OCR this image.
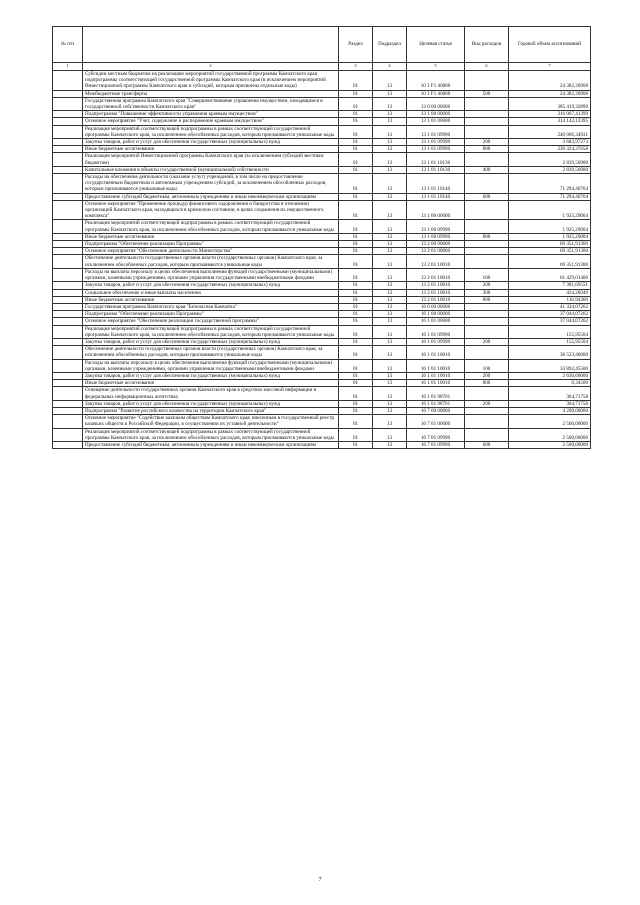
№ п/п		Раздел	Подраздел	Целевая статья	Вид расходов	Годовой объем ассигнований
1	2	3	4	5	6	7
	Субсидии местным бюджетам на реализацию мероприятий государственной программы Камчатского края подпрограммы соответствующей государственной программы Камчатского края (в исключением мероприятий Инвестиционной программы Камчатского края и субсидий, которым присвоены отдельные коды)	01	13	10 1 F1 40080		24 382,20908
	Межбюджетные трансферты	01	13	10 1 F1 40080	500	24 382,20908
	Государственная программа Камчатского края "Совершенствование управления имуществом, находящимся в государственной собственности Камчатского края"	01	13	13 0 00 00000		385 419,32899
	Подпрограмма "Повышение эффективности управления краевым имуществом"	01	13	13 1 00 00000		316 067,41399
	Основное мероприятие "Учет, содержание и распоряжение краевым имуществом"	01	13	13 1 01 00000		314 142,12395
	Реализация мероприятий соответствующей подпрограммы в рамках соответствующей государственной программы Камчатского края, за исключением обособленных расходов, которым присваиваются уникальные коды	01	13	13 1 01 09990		240 006,34931
	Закупка товаров, работ и услуг для обеспечения государственных (муниципальных) нужд	01	13	13 1 01 09990	200	3 683,97273
	Иные бюджетные ассигнования	01	13	13 1 01 09990	800	236 324,37658
	Реализация мероприятий Инвестиционной программы Камчатского края (за исключением субсидий местным бюджетам)	01	13	13 1 01 10130		2 839,56900
	Капитальные вложения в объекты государственной (муниципальной) собственности	01	13	13 1 01 10130	400	2 839,56900
	Расходы на обеспечение деятельности (оказание услуг) учреждений, в том числе на предоставление государственным бюджетным и автономным учреждениям субсидий, за исключением обособленных расходов, которым присваиваются уникальные коды	01	13	13 1 01 10140		71 294,40764
	Предоставление субсидий бюджетным, автономным учреждениям и иным некоммерческим организациям	01	13	13 1 01 10140	600	71 294,40764
	Основное мероприятие "Применение процедур финансового оздоровления и банкротства в отношении организаций Камчатского края, находящихся в кризисном состоянии, в целях сохранения их имущественного комплекса"	01	13	13 1 06 00000		1 925,29004
	Реализация мероприятий соответствующей подпрограммы в рамках соответствующей государственной программы Камчатского края, за исключением обособленных расходов, которым присваиваются уникальные коды	01	13	13 1 06 09990		1 925,29004
	Иные бюджетные ассигнования	01	13	13 1 06 09990	800	1 925,29004
	Подпрограмма "Обеспечение реализации Программы"	01	13	13 2 00 00000		69 351,91300
	Основное мероприятие "Обеспечение деятельности Министерства"	01	13	13 2 01 00000		69 351,91300
	Обеспечение деятельности государственных органов власти (государственных органов) Камчатского края, за исключением обособленных расходов, которым присваиваются уникальные коды	01	13	13 2 01 10010		69 351,91300
	Расходы на выплаты персоналу в целях обеспечения выполнения функций государственными (муниципальными) органами, казенными учреждениями, органами управления государственными внебюджетными фондами	01	13	13 2 01 10010	100	61 429,01400
	Закупка товаров, работ и услуг для обеспечения государственных (муниципальных) нужд	01	13	13 2 01 10010	200	7 381,69551
	Социальное обеспечение и иные выплаты населению	01	13	13 2 01 10010	300	424,26049
	Иные бюджетные ассигнования	01	13	13 2 01 10010	800	116,94300
	Государственная программа Камчатского края "Безопасная Камчатка"	01	13	16 0 00 00000		41 334,07262
	Подпрограмма "Обеспечение реализации Программы"	01	13	16 1 00 00000		37 044,07262
	Основное мероприятие "Обеспечение реализации государственной программы"	01	13	16 1 01 00000		37 044,07262
	Реализация мероприятий соответствующей подпрограммы в рамках соответствующей государственной программы Камчатского края, за исключением обособленных расходов, которым присваиваются уникальные коды	01	13	16 1 01 09990		155,95504
	Закупка товаров, работ и услуг для обеспечения государственных (муниципальных) нужд	01	13	16 1 01 09990	200	155,95504
	Обеспечение деятельности государственных органов власти (государственных органов) Камчатского края, за исключением обособленных расходов, которым присваиваются уникальные коды	01	13	16 1 01 10010		36 523,40000
	Расходы на выплаты персоналу в целях обеспечения выполнения функций государственными (муниципальными) органами, казенными учреждениями, органами управления государственными внебюджетными фондами	01	13	16 1 01 10010	100	33 892,45500
	Закупка товаров, работ и услуг для обеспечения государственных (муниципальных) нужд	01	13	16 1 01 10010	200	2 630,60000
	Иные бюджетные ассигнования	01	13	16 1 01 10010	800	0,34500
	Освещение деятельности государственных органов Камчатского края в средствах массовой информации и федеральных информационных агентствах	01	13	16 1 01 98701		364,71758
	Закупка товаров, работ и услуг для обеспечения государственных (муниципальных) нужд	01	13	16 1 01 98701	200	364,71758
	Подпрограмма "Развитие российского казачества на территории Камчатского края"	01	13	16 7 00 00000		4 290,00000
	Основное мероприятие "Содействие казачьим обществам Камчатского края, внесенным в государственный реестр казачьих обществ в Российской Федерации, в осуществлении их уставной деятельности"	01	13	16 7 01 00000		2 500,00000
	Реализация мероприятий соответствующей подпрограммы в рамках соответствующей государственной программы Камчатского края, за исключением обособленных расходов, которым присваиваются уникальные коды	01	13	16 7 01 09990		2 500,00000
	Предоставление субсидий бюджетным, автономным учреждениям и иным некоммерческим организациям	01	13	16 7 01 09990	600	2 500,00000
7
